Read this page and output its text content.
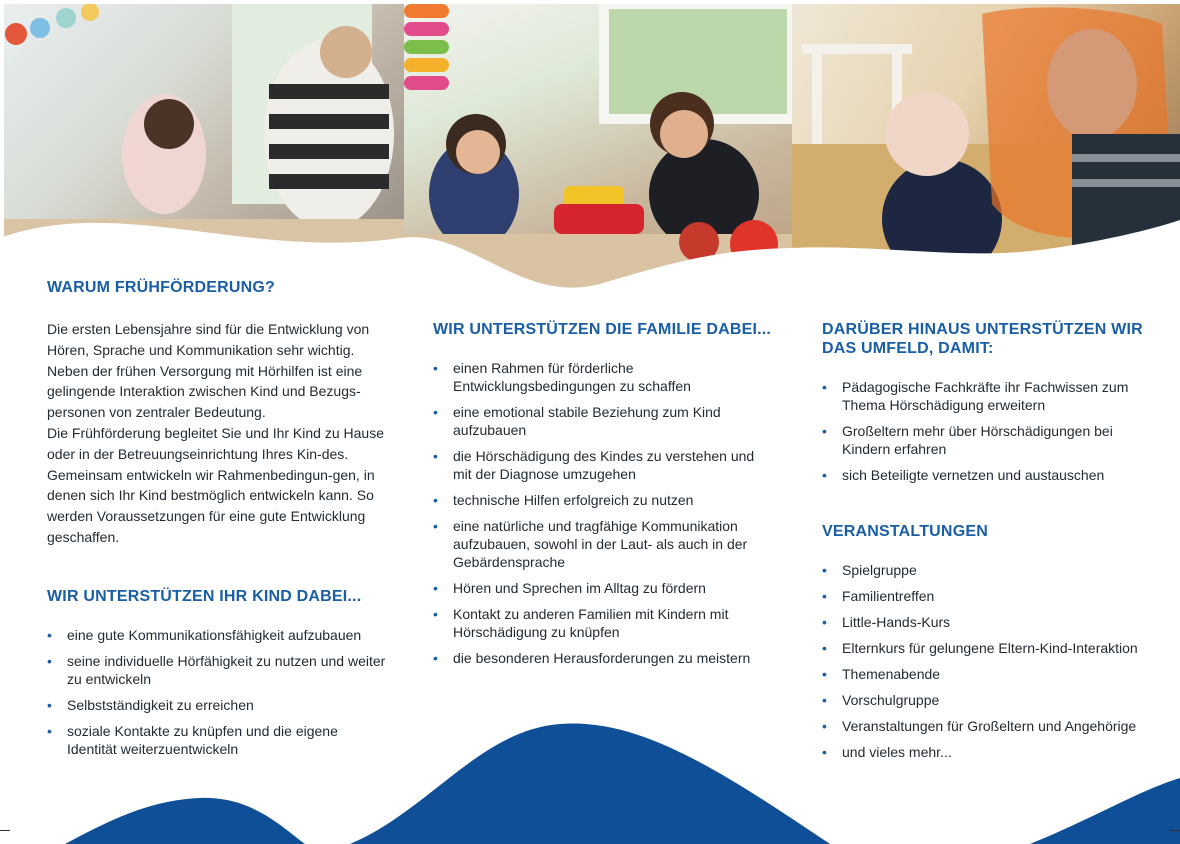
WARUM FRÜHFÖRDERUNG?

Die ersten Lebensjahre sind für die Entwicklung von Hören, Sprache und Kommunikation sehr wichtig. Neben der frühen Versorgung mit Hörhilfen ist eine gelingende Interaktion zwischen Kind und Bezugs-personen von zentraler Bedeutung.
Die Frühförderung begleitet Sie und Ihr Kind zu Hause oder in der Betreuungseinrichtung Ihres Kin-des. Gemeinsam entwickeln wir Rahmenbedingun-gen, in denen sich Ihr Kind bestmöglich entwickeln kann. So werden Voraussetzungen für eine gute Entwicklung geschaffen.

WIR UNTERSTÜTZEN IHR KIND DABEI...
• eine gute Kommunikationsfähigkeit aufzubauen
• seine individuelle Hörfähigkeit zu nutzen und weiter zu entwickeln
• Selbstständigkeit zu erreichen
• soziale Kontakte zu knüpfen und die eigene Identität weiterzuentwickeln
WIR UNTERSTÜTZEN DIE FAMILIE DABEI...
• einen Rahmen für förderliche Entwicklungsbedingungen zu schaffen
• eine emotional stabile Beziehung zum Kind aufzubauen
• die Hörschädigung des Kindes zu verstehen und mit der Diagnose umzugehen
• technische Hilfen erfolgreich zu nutzen
• eine natürliche und tragfähige Kommunikation aufzubauen, sowohl in der Laut- als auch in der Gebärdensprache
• Hören und Sprechen im Alltag zu fördern
• Kontakt zu anderen Familien mit Kindern mit Hörschädigung zu knüpfen
• die besonderen Herausforderungen zu meistern
DARÜBER HINAUS UNTERSTÜTZEN WIR DAS UMFELD, DAMIT:
• Pädagogische Fachkräfte ihr Fachwissen zum Thema Hörschädigung erweitern
• Großeltern mehr über Hörschädigungen bei Kindern erfahren
• sich Beteiligte vernetzen und austauschen
VERANSTALTUNGEN
• Spielgruppe
• Familientreffen
• Little-Hands-Kurs
• Elternkurs für gelungene Eltern-Kind-Interaktion
• Themenabende
• Vorschulgruppe
• Veranstaltungen für Großeltern und Angehörige
• und vieles mehr...
